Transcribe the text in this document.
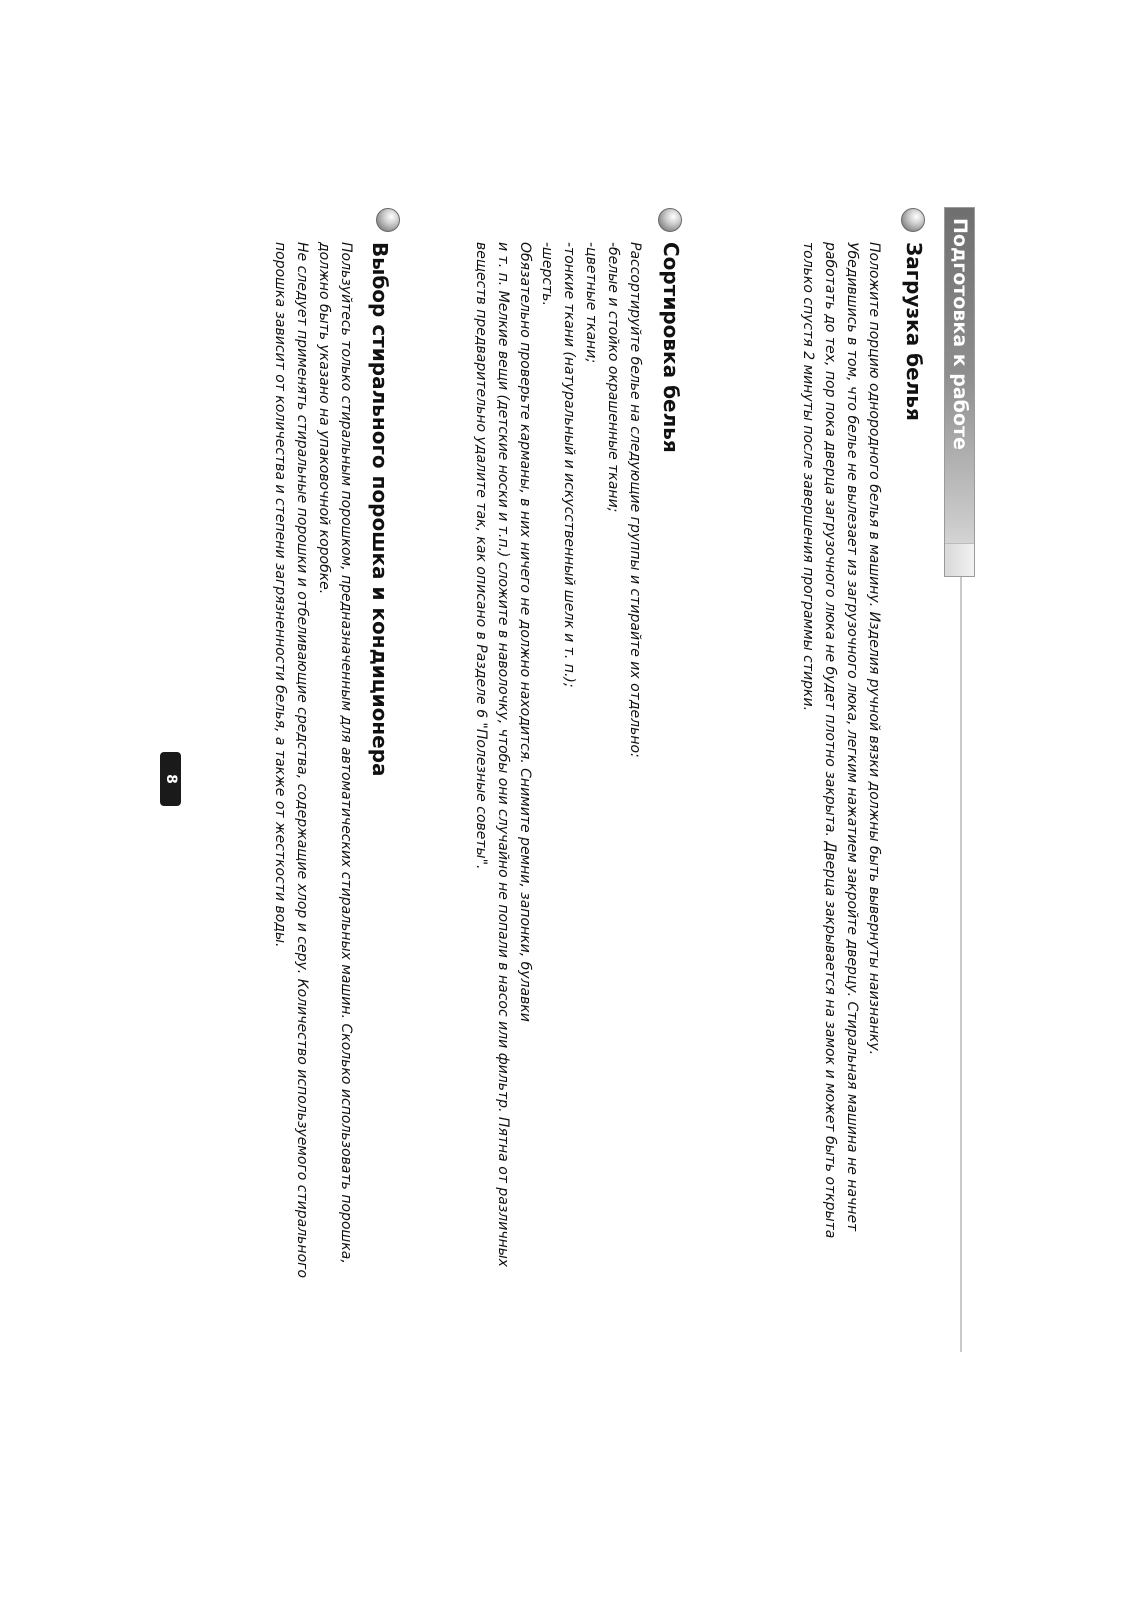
Подготовка к работе
Загрузка белья
Положите порцию однородного белья в машину. Изделия ручной вязки должны быть вывернуты наизнанку.
Убедившись в том, что белье не вылезает из загрузочного люка, легким нажатием закройте дверцу. Стиральная машина не начнет
работать до тех, пор пока дверца загрузочного люка не будет плотно закрыта. Дверца закрывается на замок и может быть открыта
только спустя 2 минуты после завершения программы стирки.
Сортировка белья
Рассортируйте белье на следующие группы и стирайте их отдельно:
-белые и стойко окрашенные ткани;
-цветные ткани;
-тонкие ткани (натуральный и искусственный шелк и т. п.);
-шерсть.
Обязательно проверьте карманы, в них ничего не должно находится. Снимите ремни, запонки, булавки
и т. п. Мелкие вещи (детские носки и т.п.) сложите в наволочку, чтобы они случайно не попали в насос или фильтр. Пятна от различных
веществ предварительно удалите так, как описано в Разделе 6 "Полезные советы".
Выбор стирального порошка и кондиционера
Пользуйтесь только стиральным порошком, предназначенным для автоматических стиральных машин. Сколько использовать порошка,
должно быть указано на упаковочной коробке.
Не следует применять стиральные порошки и отбеливающие средства, содержащие хлор и серу. Количество используемого стирального
порошка зависит от количества и степени загрязненности белья, а также от жесткости воды.
8
